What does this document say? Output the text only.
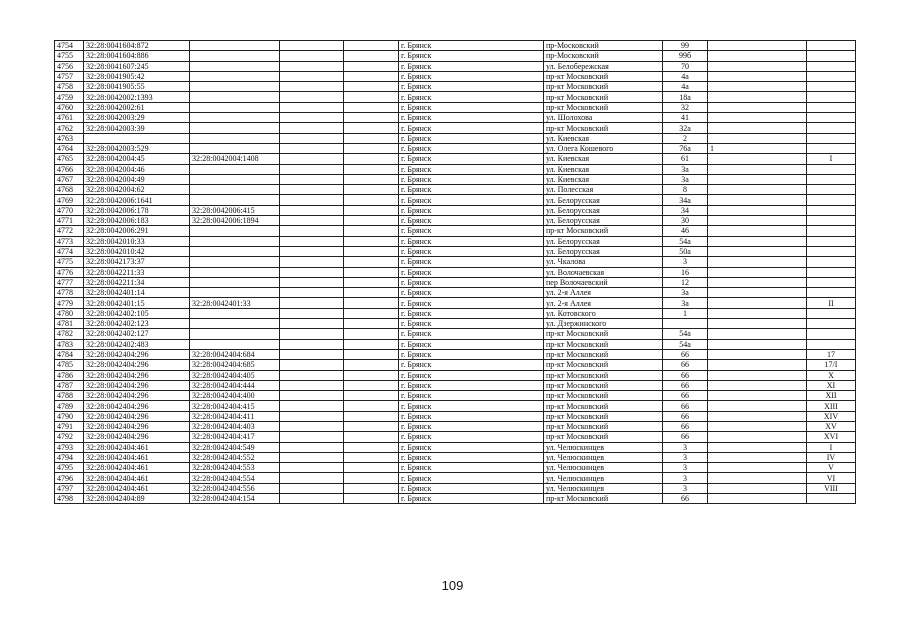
4754	32:28:0041604:872				г. Брянск	пр-Московский	99		
4755	32:28:0041604:886				г. Брянск	пр-Московский	99б		
4756	32:28:0041607:245				г. Брянск	ул. Белобережская	70		
4757	32:28:0041905:42				г. Брянск	пр-кт Московский	4а		
4758	32:28:0041905:55				г. Брянск	пр-кт Московский	4а		
4759	32:28:0042002:1393				г. Брянск	пр-кт Московский	18а		
4760	32:28:0042002:61				г. Брянск	пр-кт Московский	32		
4761	32:28:0042003:29				г. Брянск	ул. Шолохова	41		
4762	32:28:0042003:39				г. Брянск	пр-кт Московский	32а		
4763					г. Брянск	ул. Киевская	2		
4764	32:28:0042003:529				г. Брянск	ул. Олега Кошевого	76а	1	
4765	32:28:0042004:45	32:28:0042004:1408			г. Брянск	ул. Киевская	61		I
4766	32:28:0042004:46				г. Брянск	ул. Киевская	3а		
4767	32:28:0042004:49				г. Брянск	ул. Киевская	3а		
4768	32:28:0042004:62				г. Брянск	ул. Полесская	8		
4769	32:28:0042006:1641				г. Брянск	ул. Белорусская	34а		
4770	32:28:0042006:178	32:28:0042006:415			г. Брянск	ул. Белорусская	34		
4771	32:28:0042006:183	32:28:0042006:1894			г. Брянск	ул. Белорусская	30		
4772	32:28:0042006:291				г. Брянск	пр-кт Московский	46		
4773	32:28:0042010:33				г. Брянск	ул. Белорусская	54а		
4774	32:28:0042010:42				г. Брянск	ул. Белорусская	50а		
4775	32:28:0042173:37				г. Брянск	ул. Чкалова	3		
4776	32:28:0042211:33				г. Брянск	ул. Волочаевская	16		
4777	32:28:0042211:34				г. Брянск	пер Волочаевский	12		
4778	32:28:0042401:14				г. Брянск	ул. 2-я Аллея	3а		
4779	32:28:0042401:15	32:28:0042401:33			г. Брянск	ул. 2-я Аллея	3а		II
4780	32:28:0042402:105				г. Брянск	ул. Котовского	1		
4781	32:28:0042402:123				г. Брянск	ул. Дзержинского			
4782	32:28:0042402:127				г. Брянск	пр-кт Московский	54а		
4783	32:28:0042402:483				г. Брянск	пр-кт Московский	54а		
4784	32:28:0042404:296	32:28:0042404:684			г. Брянск	пр-кт Московский	66		17
4785	32:28:0042404:296	32:28:0042404:685			г. Брянск	пр-кт Московский	66		17/I
4786	32:28:0042404:296	32:28:0042404:405			г. Брянск	пр-кт Московский	66		X
4787	32:28:0042404:296	32:28:0042404:444			г. Брянск	пр-кт Московский	66		XI
4788	32:28:0042404:296	32:28:0042404:400			г. Брянск	пр-кт Московский	66		XII
4789	32:28:0042404:296	32:28:0042404:415			г. Брянск	пр-кт Московский	66		XIII
4790	32:28:0042404:296	32:28:0042404:411			г. Брянск	пр-кт Московский	66		XIV
4791	32:28:0042404:296	32:28:0042404:403			г. Брянск	пр-кт Московский	66		XV
4792	32:28:0042404:296	32:28:0042404:417			г. Брянск	пр-кт Московский	66		XVI
4793	32:28:0042404:461	32:28:0042404:549			г. Брянск	ул. Челюскинцев	3		I
4794	32:28:0042404:461	32:28:0042404:552			г. Брянск	ул. Челюскинцев	3		IV
4795	32:28:0042404:461	32:28:0042404:553			г. Брянск	ул. Челюскинцев	3		V
4796	32:28:0042404:461	32:28:0042404:554			г. Брянск	ул. Челюскинцев	3		VI
4797	32:28:0042404:461	32:28:0042404:556			г. Брянск	ул. Челюскинцев	3		VIII
4798	32:28:0042404:89	32:28:0042404:154			г. Брянск	пр-кт Московский	66		
109
